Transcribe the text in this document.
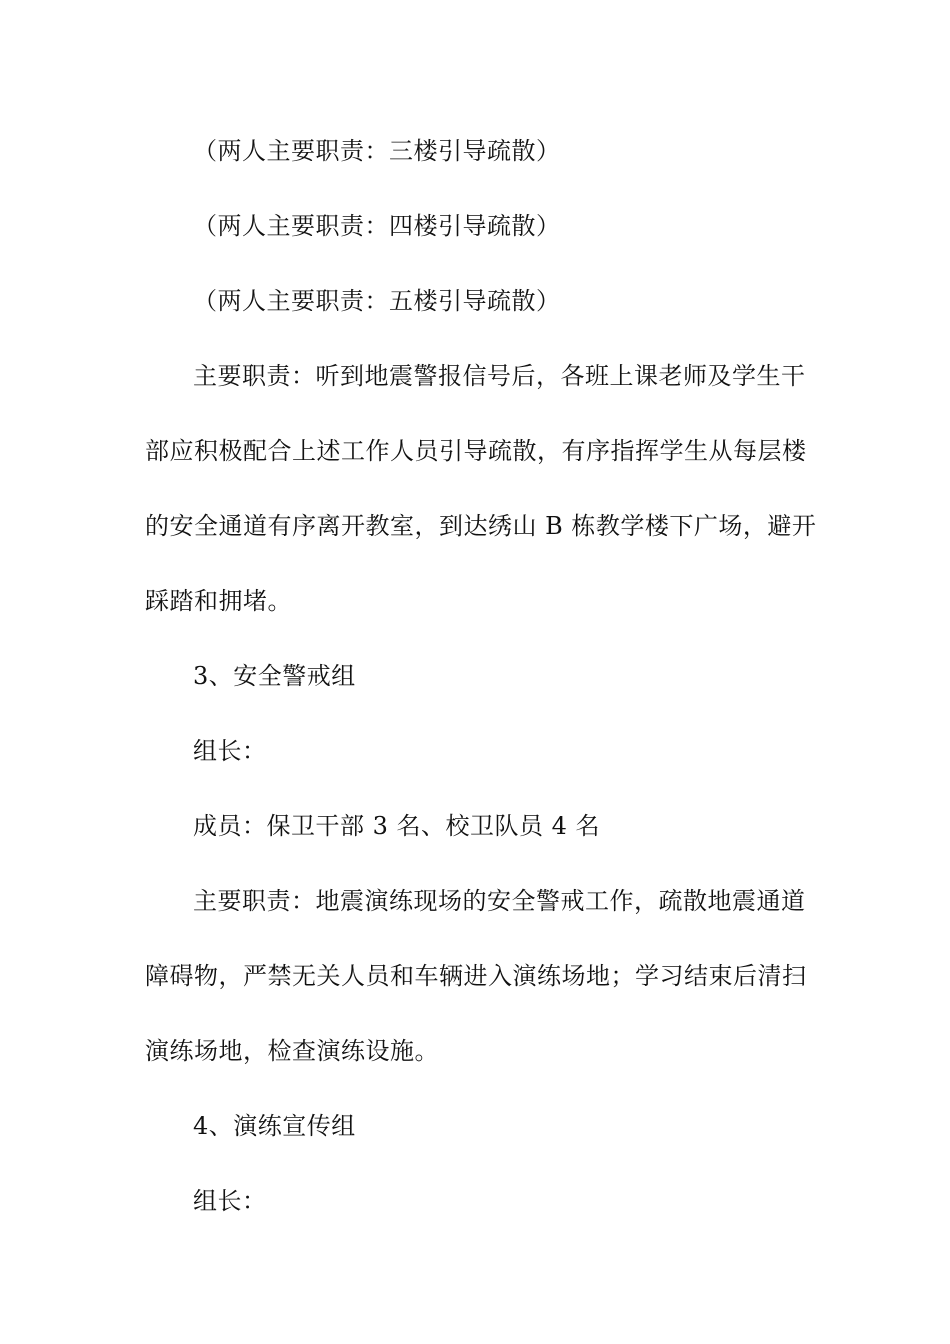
（两人主要职责：三楼引导疏散）
（两人主要职责：四楼引导疏散）
（两人主要职责：五楼引导疏散）
主要职责：听到地震警报信号后，各班上课老师及学生干
部应积极配合上述工作人员引导疏散，有序指挥学生从每层楼
的安全通道有序离开教室，到达绣山 B 栋教学楼下广场，避开
踩踏和拥堵。
3、安全警戒组
组长：
成员：保卫干部 3 名、校卫队员 4 名
主要职责：地震演练现场的安全警戒工作，疏散地震通道
障碍物，严禁无关人员和车辆进入演练场地；学习结束后清扫
演练场地，检查演练设施。
4、演练宣传组
组长：
